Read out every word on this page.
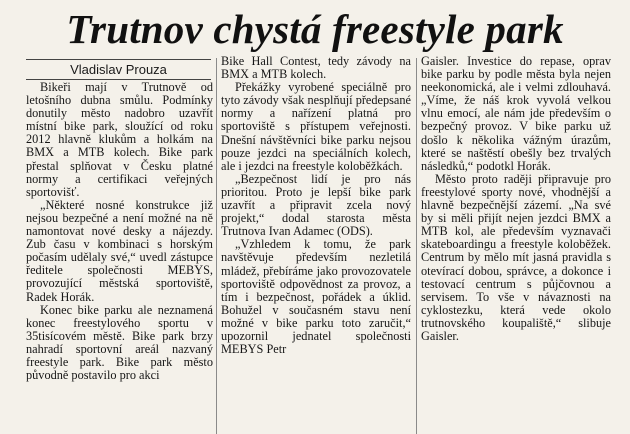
Trutnov chystá freestyle park
Vladislav Prouza

Bikeři mají v Trutnově od letošního dubna smůlu. Podmínky donutily město nadobro uzavřít místní bike park, sloužící od roku 2012 hlavně klukům a holkám na BMX a MTB kolech. Bike park přestal splňovat v Česku platné normy a certifikaci veřejných sportovišť.

„Některé nosné konstrukce již nejsou bezpečné a není možné na ně namontovat nové desky a nájezdy. Zub času v kombinaci s horským počasím udělaly své,“ uvedl zástupce ředitele společnosti MEBYS, provozující městská sportoviště, Radek Horák.

Konec bike parku ale neznamená konec freestylového sportu v 35tisícovém městě. Bike park brzy nahradí sportovní areál nazvaný freestyle park. Bike park město původně postavilo pro akci

Bike Hall Contest, tedy závody na BMX a MTB kolech.

Překážky vyrobené speciálně pro tyto závody však nesplňují předepsané normy a nařízení platná pro sportoviště s přístupem veřejnosti. Dnešní návštěvníci bike parku nejsou pouze jezdci na speciálních kolech, ale i jezdci na freestyle koloběžkách.

„Bezpečnost lidí je pro nás prioritou. Proto je lepší bike park uzavřít a připravit zcela nový projekt,“ dodal starosta města Trutnova Ivan Adamec (ODS).

„Vzhledem k tomu, že park navštěvuje především nezletilá mládež, přebíráme jako provozovatele sportoviště odpovědnost za provoz, a tím i bezpečnost, pořádek a úklid. Bohužel v současném stavu není možné v bike parku toto zaručit,“ upozornil jednatel společnosti MEBYS Petr

Gaisler. Investice do repase, oprav bike parku by podle města byla nejen neekonomická, ale i velmi zdlouhavá. „Víme, že náš krok vyvolá velkou vlnu emocí, ale nám jde především o bezpečný provoz. V bike parku už došlo k několika vážným úrazům, které se naštěstí obešly bez trvalých následků,“ podotkl Horák.

Město proto raději připravuje pro freestylové sporty nové, vhodnější a hlavně bezpečnější zázemí. „Na své by si měli přijít nejen jezdci BMX a MTB kol, ale především vyznavači skateboardingu a freestyle koloběžek. Centrum by mělo mít jasná pravidla s otevírací dobou, správce, a dokonce i testovací centrum s půjčovnou a servisem. To vše v návaznosti na cyklostezku, která vede okolo trutnovského koupaliště,“ slibuje Gaisler.
